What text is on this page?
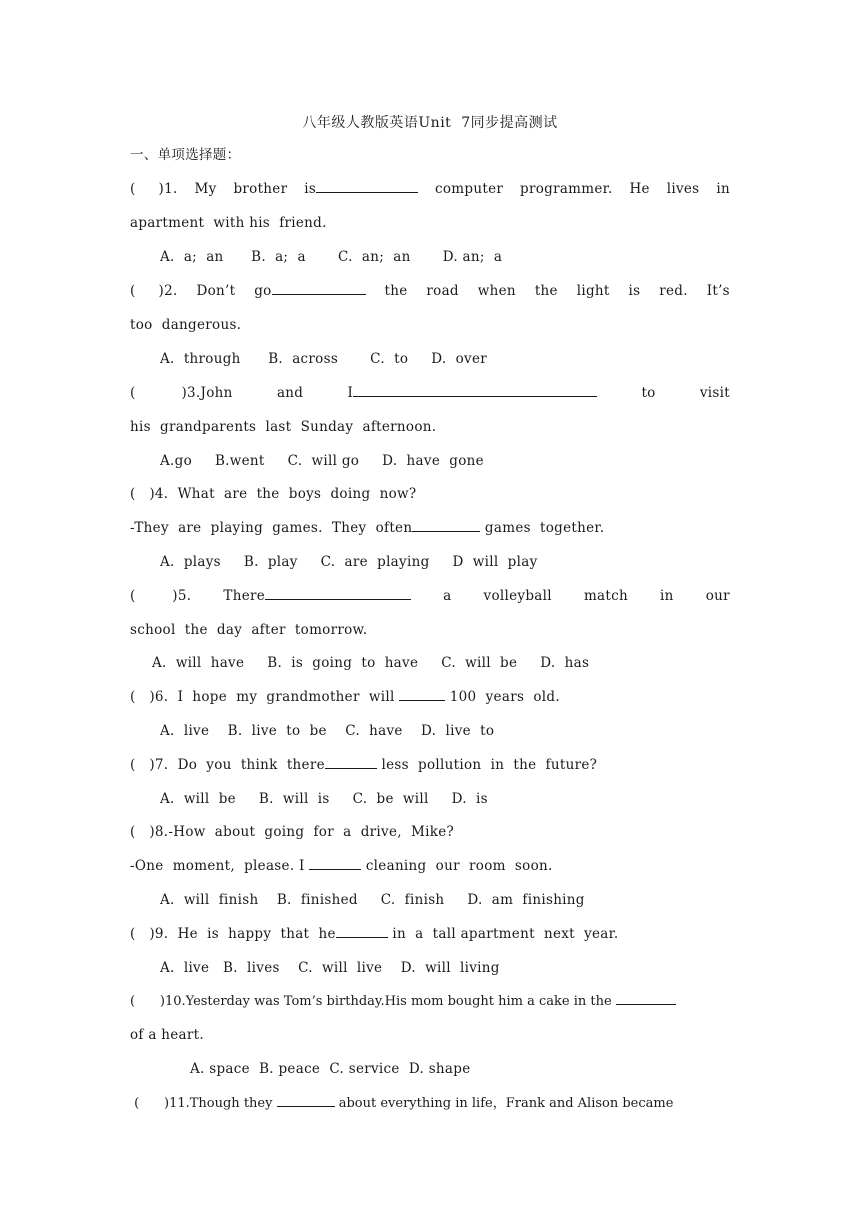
八年级人教版英语Unit  7同步提高测试
一、单项选择题：
(     )1. My brother is	computer programmer. He lives in
apartment  with his  friend.
A.  a;  an      B.  a;  a       C.  an;  an       D. an;  a
(     )2. Don’t go	the road when the light is red. It’s
too  dangerous.
A.  through      B.  across       C.  to     D.  over
(          )3.John	and	I	to	visit
his  grandparents  last  Sunday  afternoon.
A.go     B.went     C.  will go     D.  have  gone
(   )4.  What  are  the  boys  doing  now?
-They  are  playing  games.  They  often	games  together.
A.  plays     B.  play     C.  are  playing     D  will  play
(        )5. There	a volleyball match in our
school  the  day  after  tomorrow.
A.  will  have     B.  is  going  to  have     C.  will  be     D.  has
(   )6.  I  hope  my  grandmother  will	100  years  old.
A.  live    B.  live  to  be    C.  have    D.  live  to
(   )7.  Do  you  think  there	less  pollution  in  the  future?
A.  will  be     B.  will  is     C.  be  will     D.  is
(   )8.-How  about  going  for  a  drive,  Mike?
-One  moment,  please. I	cleaning  our  room  soon.
A.  will  finish    B.  finished     C.  finish     D.  am  finishing
(   )9.  He  is  happy  that  he	in  a  tall apartment  next  year.
A.  live   B.  lives    C.  will  live    D.  will  living
(      )10.Yesterday was Tom’s birthday.His mom bought him a cake in the
of a heart.
A. space  B. peace  C. service  D. shape
(      )11.Though they	about everything in life，Frank and Alison became
